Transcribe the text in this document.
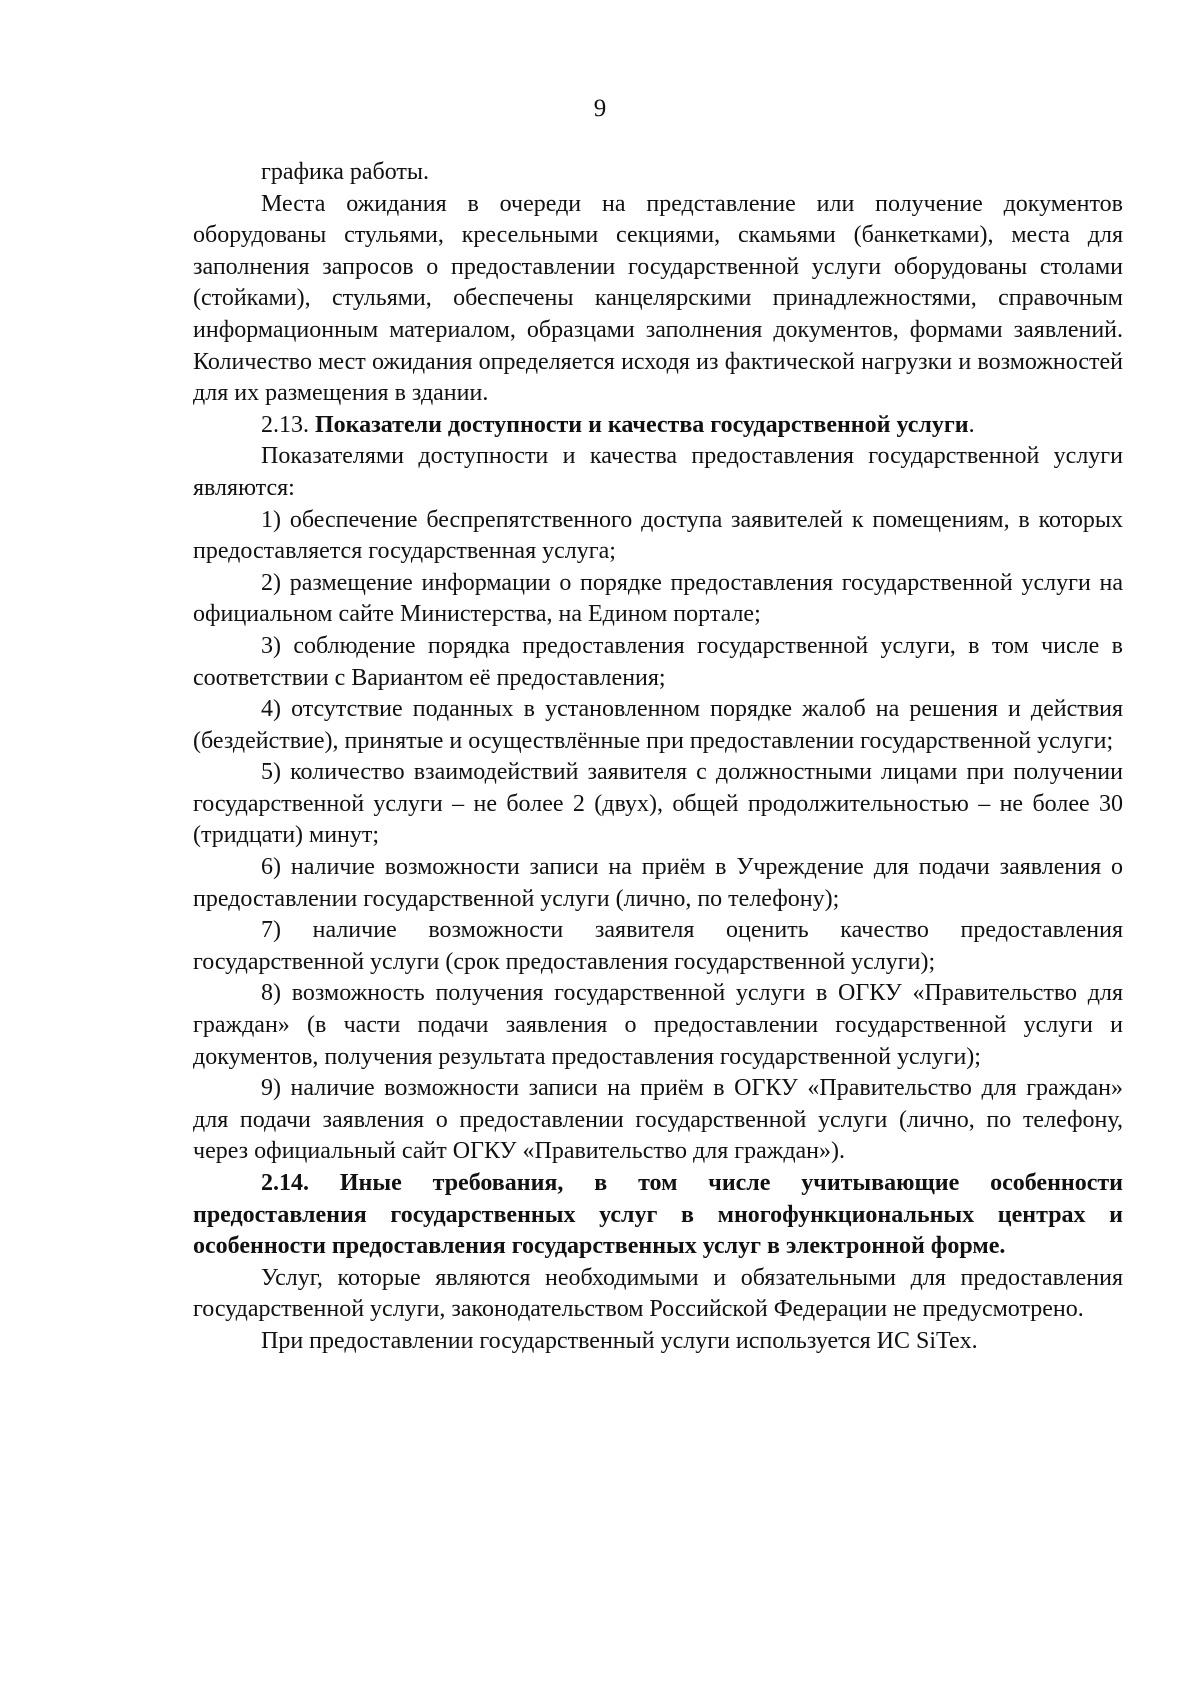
9

графика работы.

Места ожидания в очереди на представление или получение документов оборудованы стульями, кресельными секциями, скамьями (банкетками), места для заполнения запросов о предоставлении государственной услуги оборудованы столами (стойками), стульями, обеспечены канцелярскими принадлежностями, справочным информационным материалом, образцами заполнения документов, формами заявлений. Количество мест ожидания определяется исходя из фактической нагрузки и возможностей для их размещения в здании.

2.13. Показатели доступности и качества государственной услуги.

Показателями доступности и качества предоставления государственной услуги являются:

1) обеспечение беспрепятственного доступа заявителей к помещениям, в которых предоставляется государственная услуга;

2) размещение информации о порядке предоставления государственной услуги на официальном сайте Министерства, на Едином портале;

3) соблюдение порядка предоставления государственной услуги, в том числе в соответствии с Вариантом её предоставления;

4) отсутствие поданных в установленном порядке жалоб на решения и действия (бездействие), принятые и осуществлённые при предоставлении государственной услуги;

5) количество взаимодействий заявителя с должностными лицами при получении государственной услуги – не более 2 (двух), общей продолжительностью – не более 30 (тридцати) минут;

6) наличие возможности записи на приём в Учреждение для подачи заявления о предоставлении государственной услуги (лично, по телефону);

7) наличие возможности заявителя оценить качество предоставления государственной услуги (срок предоставления государственной услуги);

8) возможность получения государственной услуги в ОГКУ «Правительство для граждан» (в части подачи заявления о предоставлении государственной услуги и документов, получения результата предоставления государственной услуги);

9) наличие возможности записи на приём в ОГКУ «Правительство для граждан» для подачи заявления о предоставлении государственной услуги (лично, по телефону, через официальный сайт ОГКУ «Правительство для граждан»).

2.14. Иные требования, в том числе учитывающие особенности предоставления государственных услуг в многофункциональных центрах и особенности предоставления государственных услуг в электронной форме.

Услуг, которые являются необходимыми и обязательными для предоставления государственной услуги, законодательством Российской Федерации не предусмотрено.

При предоставлении государственный услуги используется ИС SiTex.
